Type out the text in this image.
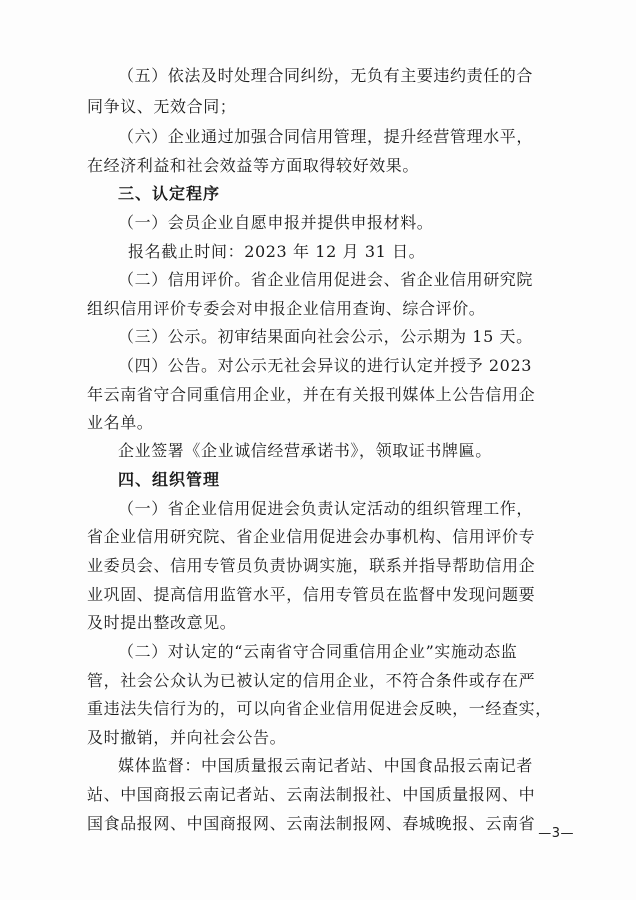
（五）依法及时处理合同纠纷，无负有主要违约责任的合
同争议、无效合同；
（六）企业通过加强合同信用管理，提升经营管理水平，
在经济利益和社会效益等方面取得较好效果。
三、认定程序
（一）会员企业自愿申报并提供申报材料。
报名截止时间：2023 年 12 月 31 日。
（二）信用评价。省企业信用促进会、省企业信用研究院
组织信用评价专委会对申报企业信用查询、综合评价。
（三）公示。初审结果面向社会公示，公示期为 15 天。
（四）公告。对公示无社会异议的进行认定并授予 2023
年云南省守合同重信用企业，并在有关报刊媒体上公告信用企
业名单。
企业签署《企业诚信经营承诺书》，领取证书牌匾。
四、组织管理
（一）省企业信用促进会负责认定活动的组织管理工作，
省企业信用研究院、省企业信用促进会办事机构、信用评价专
业委员会、信用专管员负责协调实施，联系并指导帮助信用企
业巩固、提高信用监管水平，信用专管员在监督中发现问题要
及时提出整改意见。
（二）对认定的“云南省守合同重信用企业”实施动态监
管，社会公众认为已被认定的信用企业，不符合条件或存在严
重违法失信行为的，可以向省企业信用促进会反映，一经查实，
及时撤销，并向社会公告。
媒体监督：中国质量报云南记者站、中国食品报云南记者
站、中国商报云南记者站、云南法制报社、中国质量报网、中
国食品报网、中国商报网、云南法制报网、春城晚报、云南省
—3—
